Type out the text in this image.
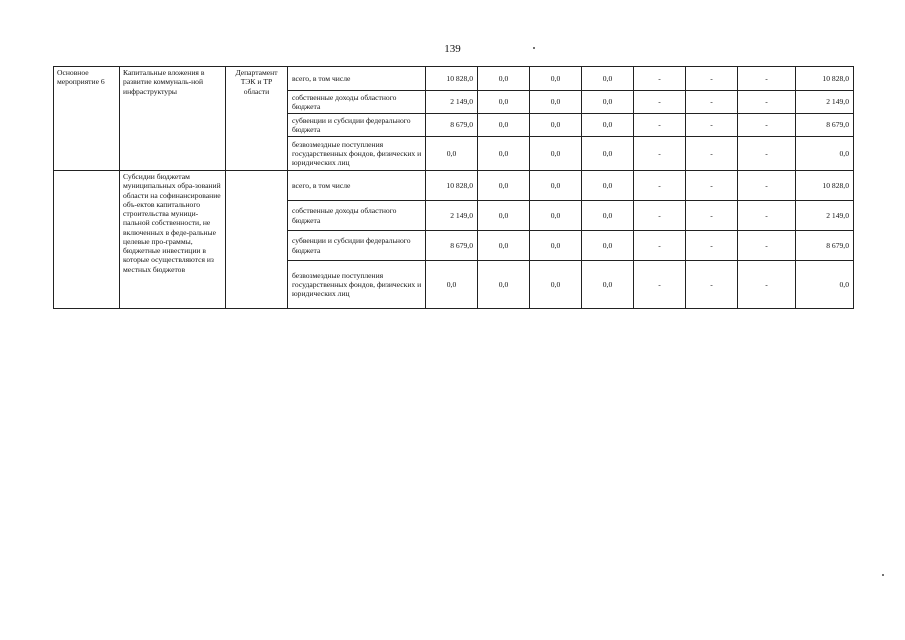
139
Основное мероприятие 6	Капитальные вложения в развитие коммуналь-ной инфраструктуры	Департамент ТЭК и ТР области	всего, в том числе	10 828,0	0,0	0,0	0,0	-	-	-	10 828,0
			собственные доходы областного бюджета	2 149,0	0,0	0,0	0,0	-	-	-	2 149,0
			субвенции и субсидии федерального бюджета	8 679,0	0,0	0,0	0,0	-	-	-	8 679,0
			безвозмездные поступления государственных фондов, физических и юридических лиц	0,0	0,0	0,0	0,0	-	-	-	0,0
	Субсидии бюджетам муниципальных обра-зований области на софинансирование объ-ектов капитального строительства муници-пальной собственности, не включенных в феде-ральные целевые про-граммы, бюджетные инвестиции в которые осуществляются из местных бюджетов		всего, в том числе	10 828,0	0,0	0,0	0,0	-	-	-	10 828,0
			собственные доходы областного бюджета	2 149,0	0,0	0,0	0,0	-	-	-	2 149,0
			субвенции и субсидии федерального бюджета	8 679,0	0,0	0,0	0,0	-	-	-	8 679,0
			безвозмездные поступления государственных фондов, физических и юридических лиц	0,0	0,0	0,0	0,0	-	-	-	0,0
